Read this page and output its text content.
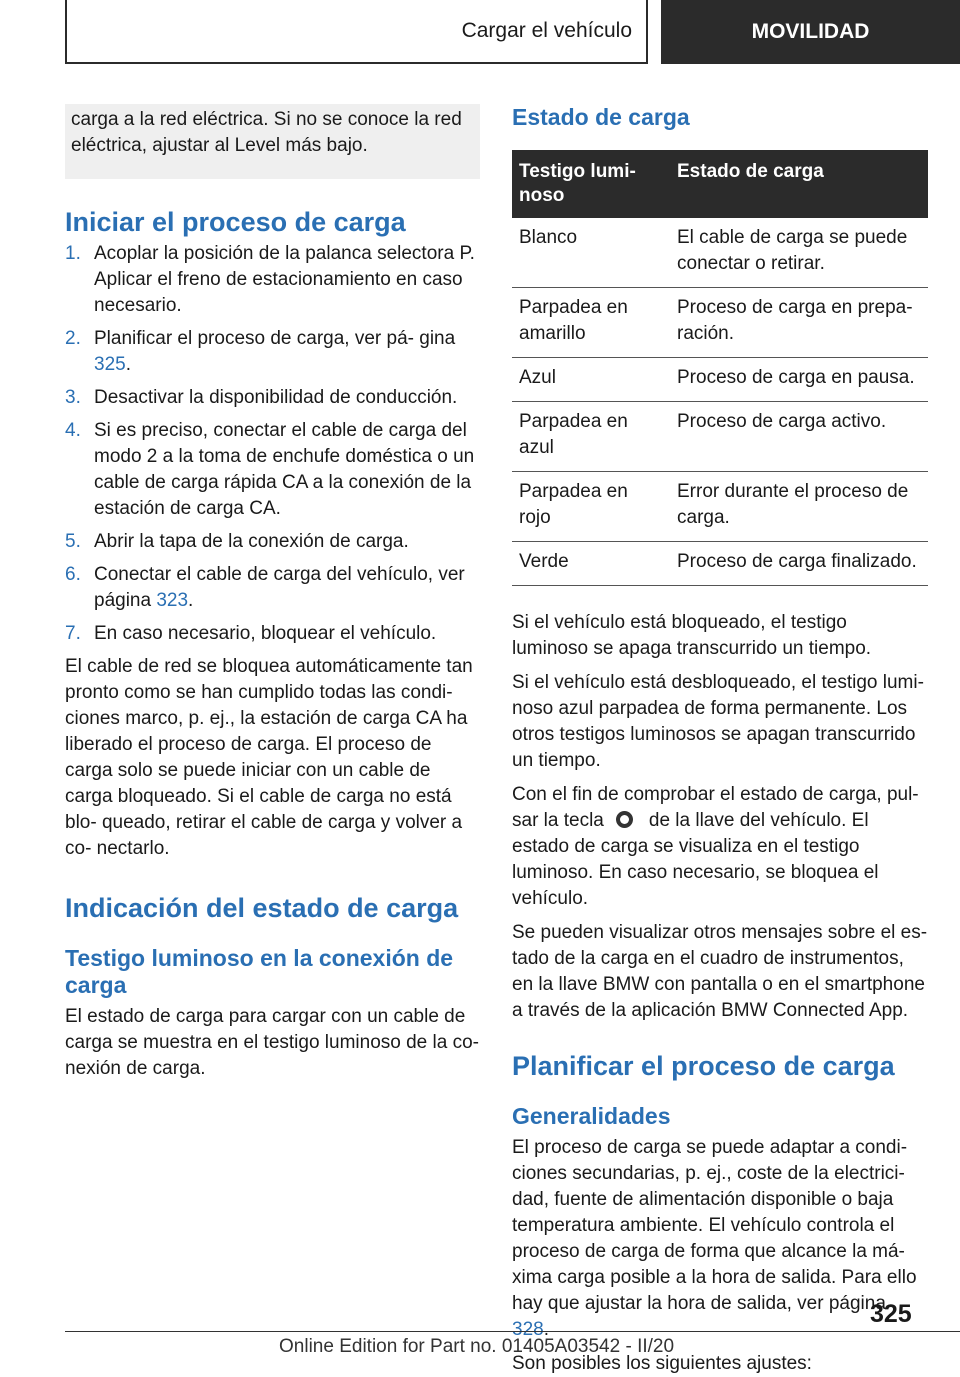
Cargar el vehículo	MOVILIDAD
carga a la red eléctrica. Si no se conoce la red eléctrica, ajustar al Level más bajo.
Iniciar el proceso de carga
1. Acoplar la posición de la palanca selectora P. Aplicar el freno de estacionamiento en caso necesario.
2. Planificar el proceso de carga, ver pá‐ gina 325.
3. Desactivar la disponibilidad de conducción.
4. Si es preciso, conectar el cable de carga del modo 2 a la toma de enchufe doméstica o un cable de carga rápida CA a la conexión de la estación de carga CA.
5. Abrir la tapa de la conexión de carga.
6. Conectar el cable de carga del vehículo, ver página 323.
7. En caso necesario, bloquear el vehículo.

El cable de red se bloquea automáticamente tan pronto como se han cumplido todas las condi‐ ciones marco, p. ej., la estación de carga CA ha liberado el proceso de carga. El proceso de carga solo se puede iniciar con un cable de carga bloqueado. Si el cable de carga no está blo‐ queado, retirar el cable de carga y volver a co‐ nectarlo.

Indicación del estado de carga
Testigo luminoso en la conexión de carga

El estado de carga para cargar con un cable de carga se muestra en el testigo luminoso de la co‐ nexión de carga.

Estado de carga
Testigo lumi‐ noso	Estado de carga
Blanco	El cable de carga se puede conectar o retirar.
Parpadea en amarillo	Proceso de carga en prepa‐ ración.
Azul	Proceso de carga en pausa.
Parpadea en azul	Proceso de carga activo.
Parpadea en rojo	Error durante el proceso de carga.
Verde	Proceso de carga finalizado.

Si el vehículo está bloqueado, el testigo luminoso se apaga transcurrido un tiempo.

Si el vehículo está desbloqueado, el testigo lumi‐ noso azul parpadea de forma permanente. Los otros testigos luminosos se apagan transcurrido un tiempo.

Con el fin de comprobar el estado de carga, pul‐ sar la tecla de la llave del vehículo. El estado de carga se visualiza en el testigo luminoso. En caso necesario, se bloquea el vehículo.

Se pueden visualizar otros mensajes sobre el es‐ tado de la carga en el cuadro de instrumentos, en la llave BMW con pantalla o en el smartphone a través de la aplicación BMW Connected App.

Planificar el proceso de carga
Generalidades

El proceso de carga se puede adaptar a condi‐ ciones secundarias, p. ej., coste de la electrici‐ dad, fuente de alimentación disponible o baja temperatura ambiente. El vehículo controla el proceso de carga de forma que alcance la má‐ xima carga posible a la hora de salida. Para ello hay que ajustar la hora de salida, ver página 328.

Son posibles los siguientes ajustes:

325
Online Edition for Part no. 01405A03542 - II/20
